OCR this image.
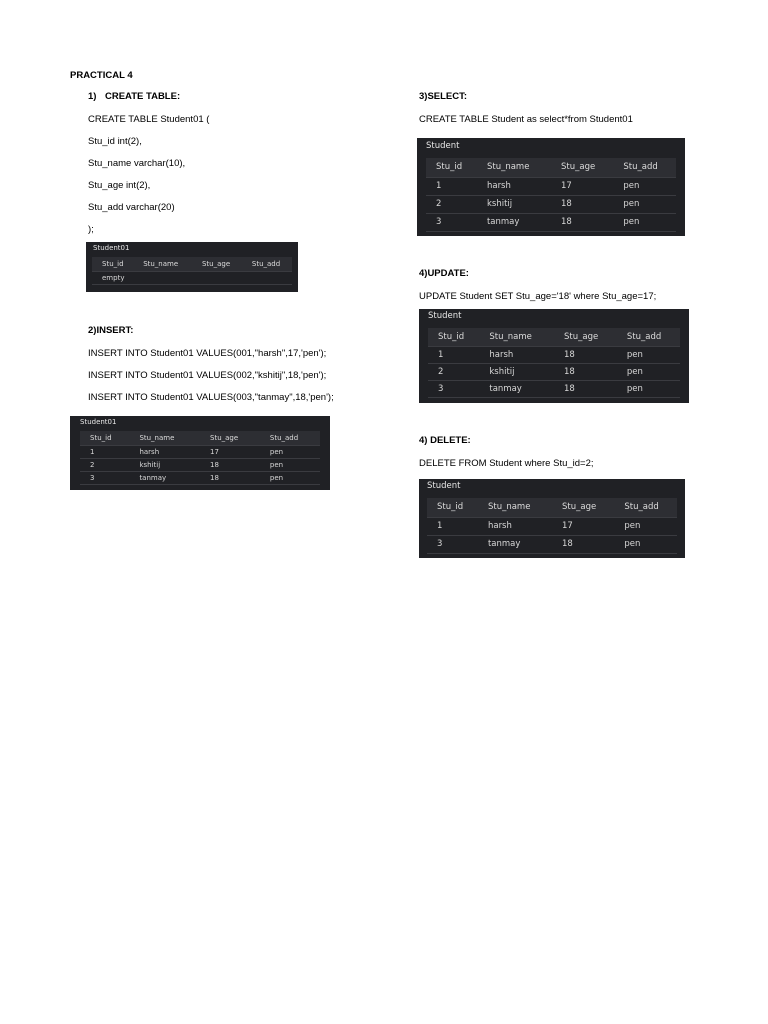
PRACTICAL 4
1) CREATE TABLE:
CREATE TABLE Student01 (
Stu_id int(2),
Stu_name varchar(10),
Stu_age int(2),
Stu_add varchar(20)
);
Student01
Stu_id	Stu_name	Stu_age	Stu_add
empty
2)INSERT:
INSERT INTO Student01 VALUES(001,"harsh",17,'pen');
INSERT INTO Student01 VALUES(002,"kshitij",18,'pen');
INSERT INTO Student01 VALUES(003,"tanmay",18,'pen');
Student01
Stu_id	Stu_name	Stu_age	Stu_add
1	harsh	17	pen
2	kshitij	18	pen
3	tanmay	18	pen
3)SELECT:
CREATE TABLE Student as select*from Student01
Student
Stu_id	Stu_name	Stu_age	Stu_add
1	harsh	17	pen
2	kshitij	18	pen
3	tanmay	18	pen
4)UPDATE:
UPDATE Student SET Stu_age='18' where Stu_age=17;
Student
Stu_id	Stu_name	Stu_age	Stu_add
1	harsh	18	pen
2	kshitij	18	pen
3	tanmay	18	pen
4) DELETE:
DELETE FROM Student where Stu_id=2;
Student
Stu_id	Stu_name	Stu_age	Stu_add
1	harsh	17	pen
3	tanmay	18	pen
